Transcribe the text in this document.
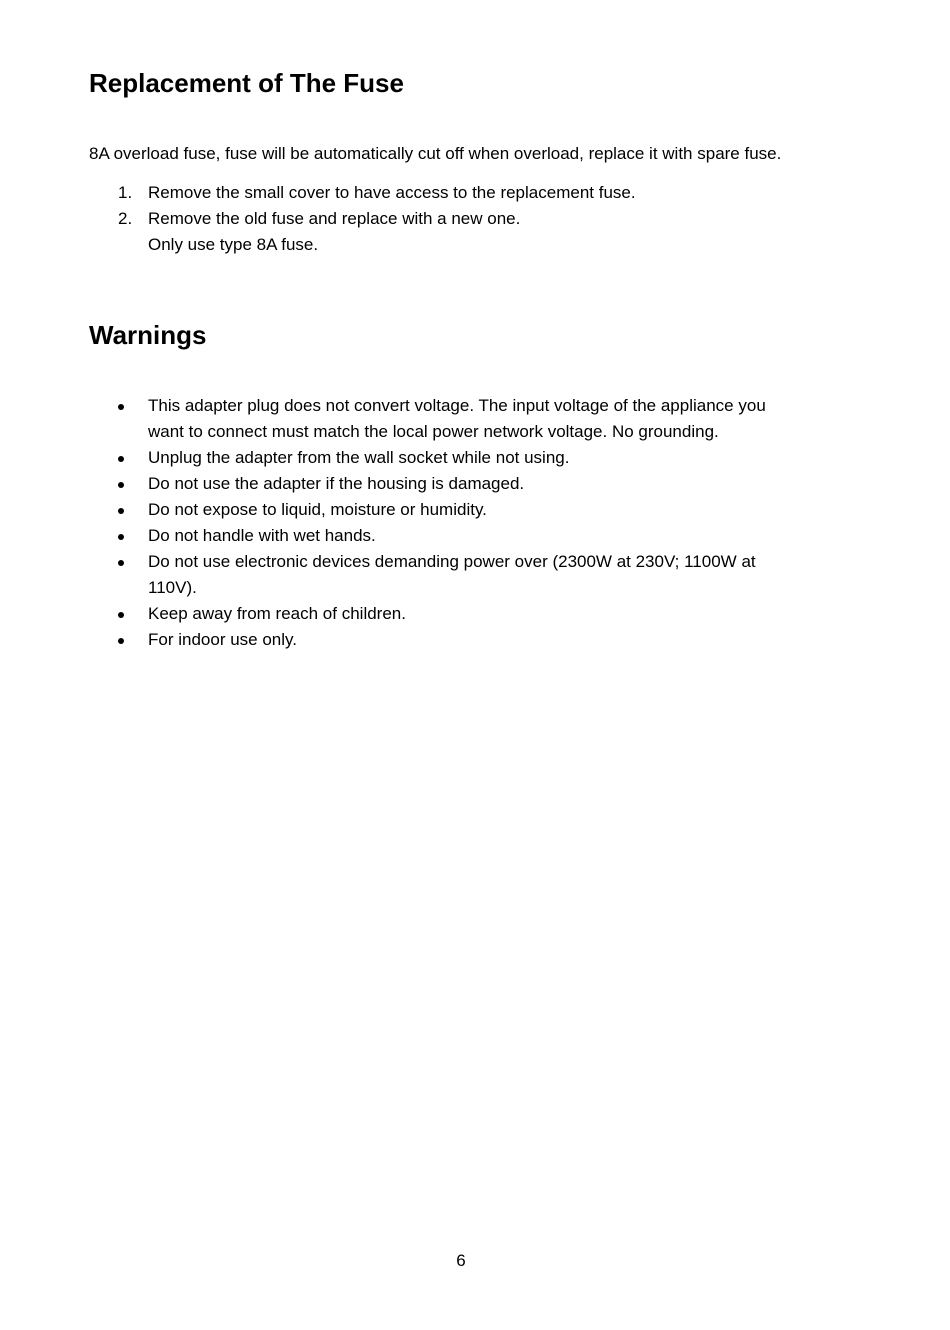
Replacement of The Fuse

8A overload fuse, fuse will be automatically cut off when overload, replace it with spare fuse.

1. Remove the small cover to have access to the replacement fuse.
2. Remove the old fuse and replace with a new one.
Only use type 8A fuse.
Warnings
This adapter plug does not convert voltage. The input voltage of the appliance you
want to connect must match the local power network voltage. No grounding.
Unplug the adapter from the wall socket while not using.
Do not use the adapter if the housing is damaged.
Do not expose to liquid, moisture or humidity.
Do not handle with wet hands.
Do not use electronic devices demanding power over (2300W at 230V; 1100W at
110V).
Keep away from reach of children.
For indoor use only.
6
